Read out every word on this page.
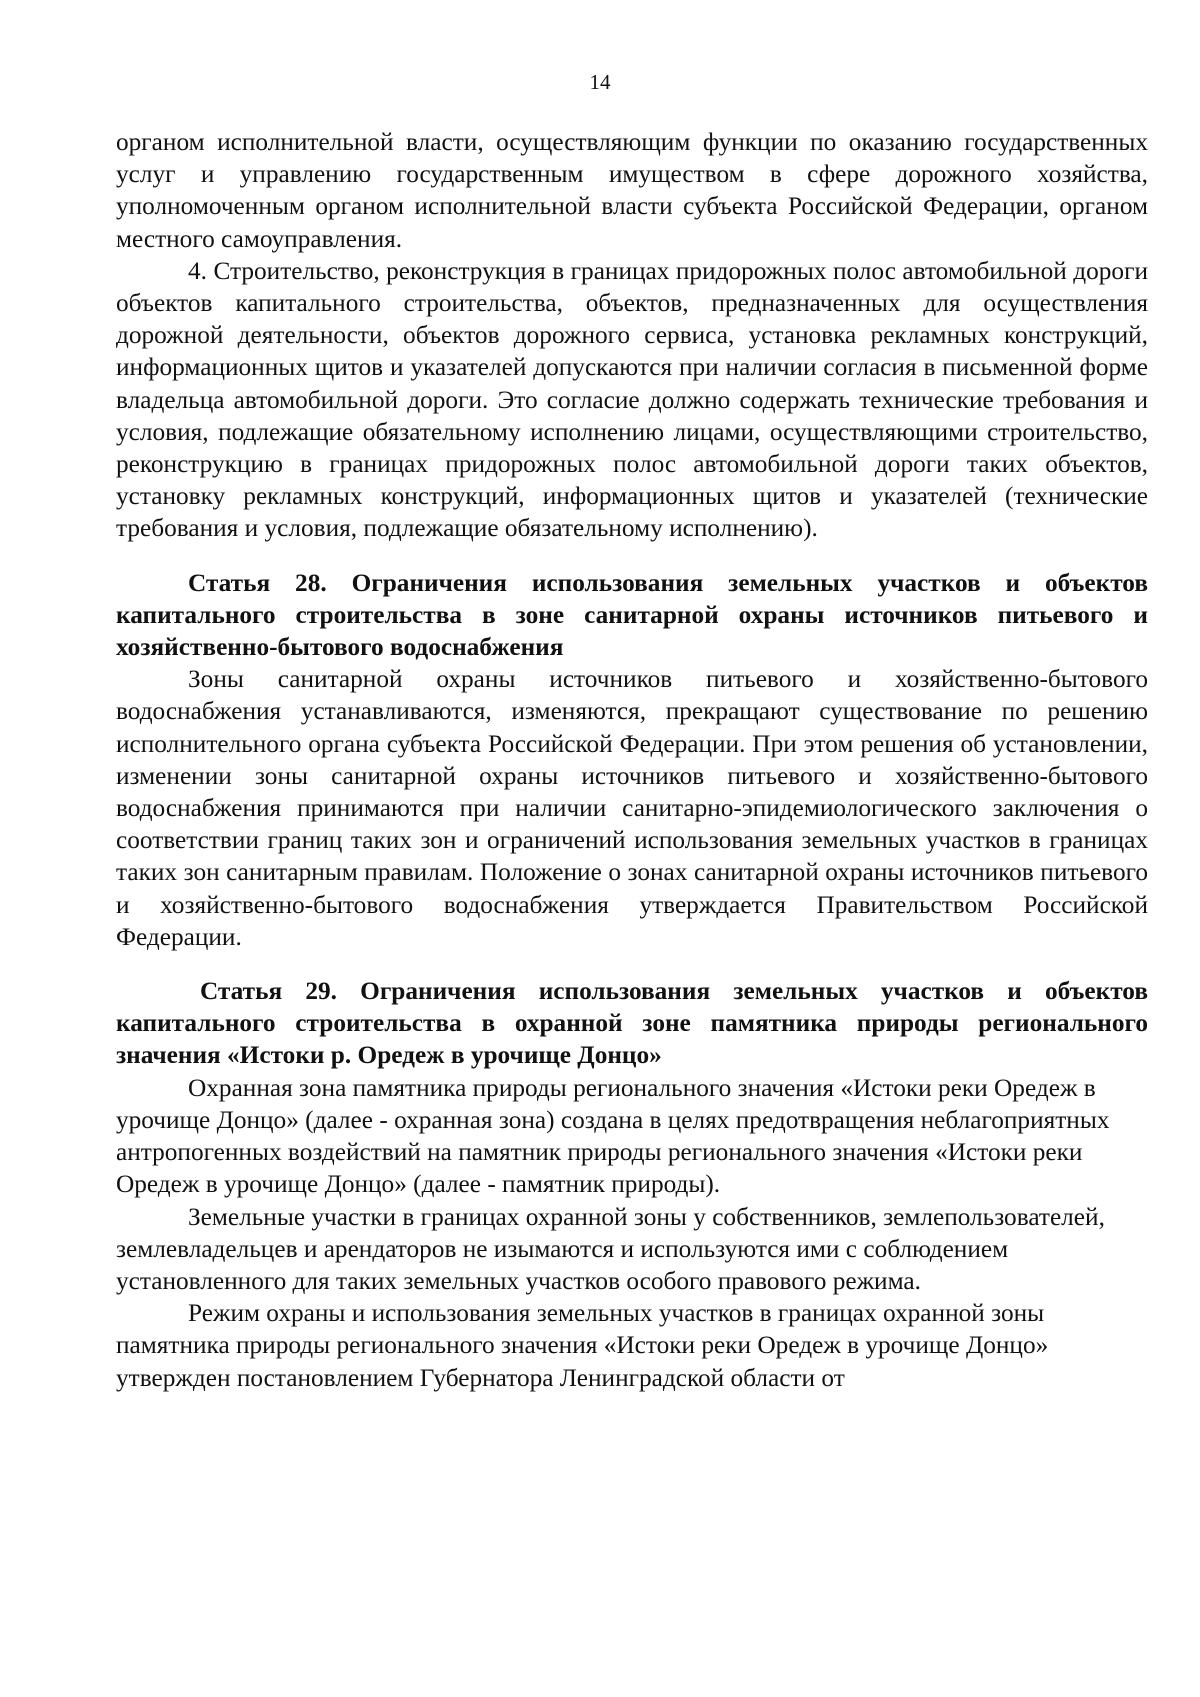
14

органом исполнительной власти, осуществляющим функции по оказанию государственных услуг и управлению государственным имуществом в сфере дорожного хозяйства, уполномоченным органом исполнительной власти субъекта Российской Федерации, органом местного самоуправления.

4. Строительство, реконструкция в границах придорожных полос автомобильной дороги объектов капитального строительства, объектов, предназначенных для осуществления дорожной деятельности, объектов дорожного сервиса, установка рекламных конструкций, информационных щитов и указателей допускаются при наличии согласия в письменной форме владельца автомобильной дороги. Это согласие должно содержать технические требования и условия, подлежащие обязательному исполнению лицами, осуществляющими строительство, реконструкцию в границах придорожных полос автомобильной дороги таких объектов, установку рекламных конструкций, информационных щитов и указателей (технические требования и условия, подлежащие обязательному исполнению).

Статья 28. Ограничения использования земельных участков и объектов капитального строительства в зоне санитарной охраны источников питьевого и хозяйственно-бытового водоснабжения

Зоны санитарной охраны источников питьевого и хозяйственно-бытового водоснабжения устанавливаются, изменяются, прекращают существование по решению исполнительного органа субъекта Российской Федерации. При этом решения об установлении, изменении зоны санитарной охраны источников питьевого и хозяйственно-бытового водоснабжения принимаются при наличии санитарно-эпидемиологического заключения о соответствии границ таких зон и ограничений использования земельных участков в границах таких зон санитарным правилам. Положение о зонах санитарной охраны источников питьевого и хозяйственно-бытового водоснабжения утверждается Правительством Российской Федерации.

Статья 29. Ограничения использования земельных участков и объектов капитального строительства в охранной зоне памятника природы регионального значения «Истоки р. Оредеж в урочище Донцо»

Охранная зона памятника природы регионального значения «Истоки реки Оредеж в урочище Донцо» (далее - охранная зона) создана в целях предотвращения неблагоприятных антропогенных воздействий на памятник природы регионального значения «Истоки реки Оредеж в урочище Донцо» (далее - памятник природы).

Земельные участки в границах охранной зоны у собственников, землепользователей, землевладельцев и арендаторов не изымаются и используются ими с соблюдением установленного для таких земельных участков особого правового режима.

Режим охраны и использования земельных участков в границах охранной зоны памятника природы регионального значения «Истоки реки Оредеж в урочище Донцо» утвержден постановлением Губернатора Ленинградской области от
